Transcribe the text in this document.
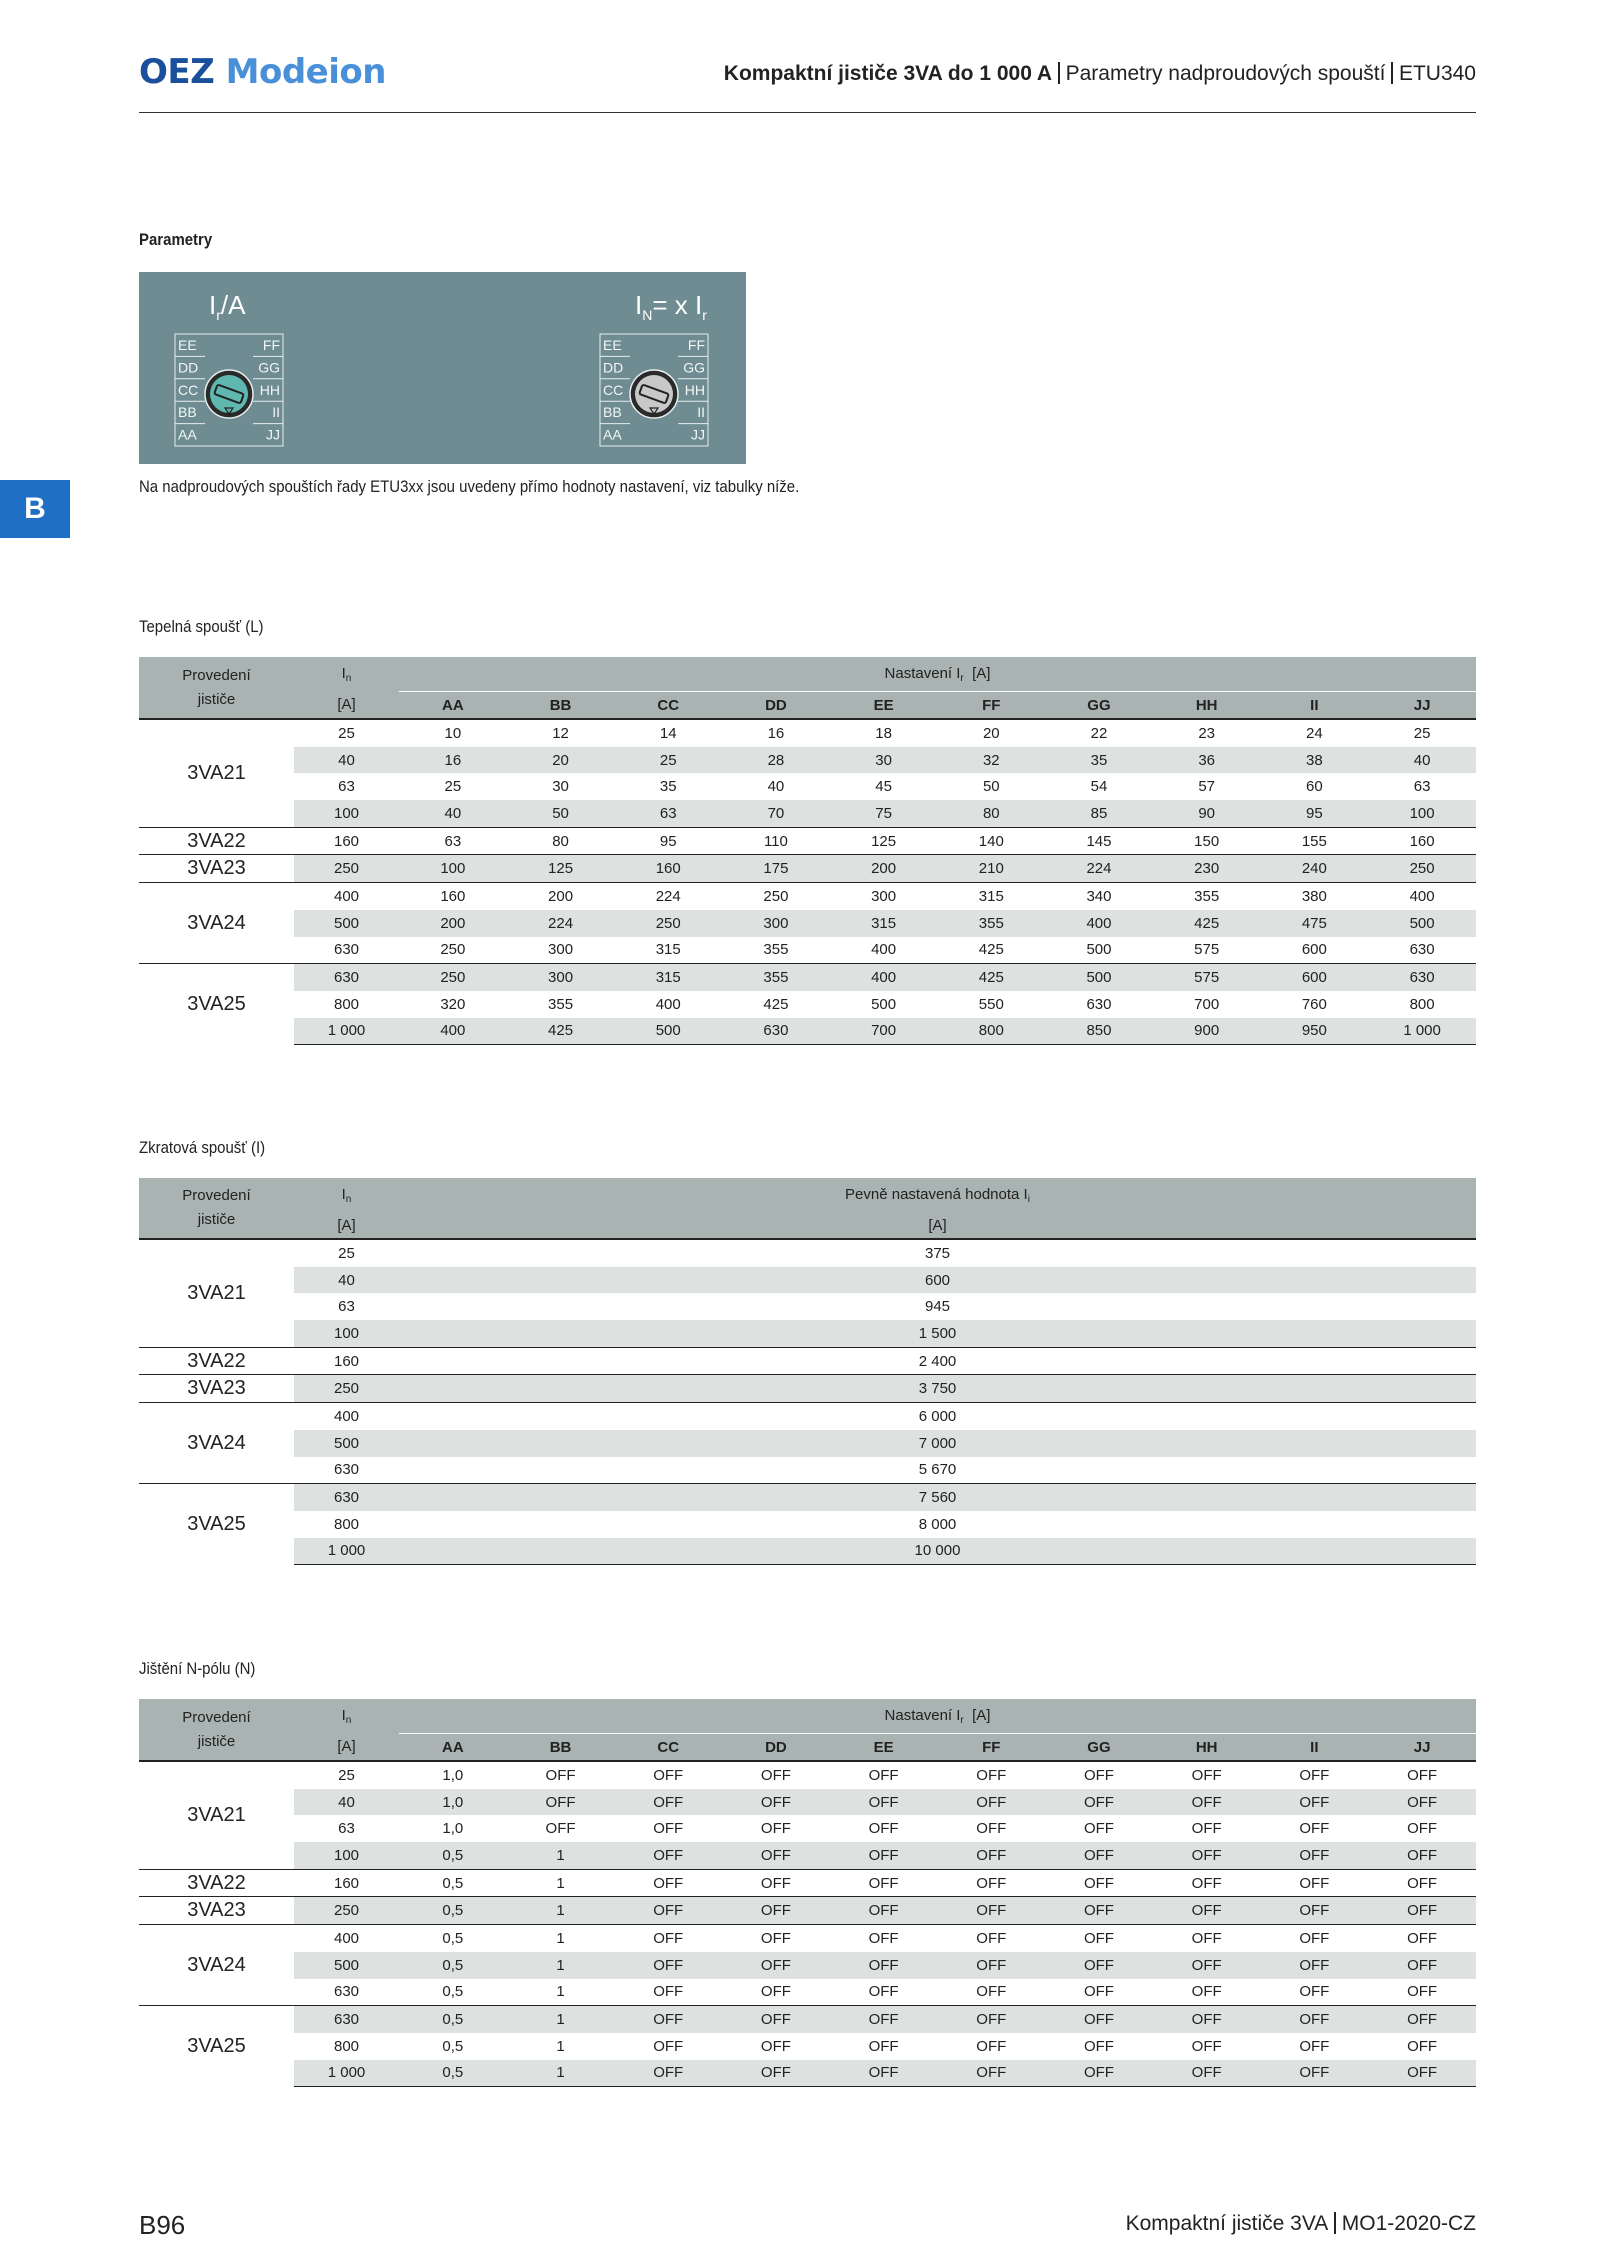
OEZ Modeion	Kompaktní jističe 3VA do 1 000 A Parametry nadproudových spouští ETU340
B
Parametry
$I_r/A$	$I_N= x$ $I_r$
EE
DD
CC
BB
AA
FF
GG
HH
II
JJ
EE
DD
CC
BB
AA
FF
GG
HH
II
JJ
Na nadproudových spouštích řady ETU3xx jsou uvedeny přímo hodnoty nastavení, viz tabulky níže.
Tepelná spoušť (L)
Zkratová spoušť (I)
Jištění N-pólu (N)
Provedení
jističe	$I_n$	Nastavení $I_r$ [A]									
	[A]	AA	BB	CC	DD	EE	FF	GG	HH	II	JJ
3VA21	25	10	12	14	16	18	20	22	23	24	25
	40	16	20	25	28	30	32	35	36	38	40
	63	25	30	35	40	45	50	54	57	60	63
	100	40	50	63	70	75	80	85	90	95	100
3VA22	160	63	80	95	110	125	140	145	150	155	160
3VA23	250	100	125	160	175	200	210	224	230	240	250
3VA24	400	160	200	224	250	300	315	340	355	380	400
	500	200	224	250	300	315	355	400	425	475	500
	630	250	300	315	355	400	425	500	575	600	630
3VA25	630	250	300	315	355	400	425	500	575	600	630
	800	320	355	400	425	500	550	630	700	760	800
	1 000	400	425	500	630	700	800	850	900	950	1 000
Provedení
jističe	$I_n$	Pevně nastavená hodnota $I_i$
	[A]	[A]
3VA21	25	375
	40	600
	63	945
	100	1 500
3VA22	160	2 400
3VA23	250	3 750
3VA24	400	6 000
	500	7 000
	630	5 670
3VA25	630	7 560
	800	8 000
	1 000	10 000
Provedení
jističe	$I_n$	Nastavení $I_r$ [A]									
	[A]	AA	BB	CC	DD	EE	FF	GG	HH	II	JJ
3VA21	25	1,0	OFF	OFF	OFF	OFF	OFF	OFF	OFF	OFF	OFF
	40	1,0	OFF	OFF	OFF	OFF	OFF	OFF	OFF	OFF	OFF
	63	1,0	OFF	OFF	OFF	OFF	OFF	OFF	OFF	OFF	OFF
	100	0,5	1	OFF	OFF	OFF	OFF	OFF	OFF	OFF	OFF
3VA22	160	0,5	1	OFF	OFF	OFF	OFF	OFF	OFF	OFF	OFF
3VA23	250	0,5	1	OFF	OFF	OFF	OFF	OFF	OFF	OFF	OFF
3VA24	400	0,5	1	OFF	OFF	OFF	OFF	OFF	OFF	OFF	OFF
	500	0,5	1	OFF	OFF	OFF	OFF	OFF	OFF	OFF	OFF
	630	0,5	1	OFF	OFF	OFF	OFF	OFF	OFF	OFF	OFF
3VA25	630	0,5	1	OFF	OFF	OFF	OFF	OFF	OFF	OFF	OFF
	800	0,5	1	OFF	OFF	OFF	OFF	OFF	OFF	OFF	OFF
	1 000	0,5	1	OFF	OFF	OFF	OFF	OFF	OFF	OFF	OFF
B96	Kompaktní jističe 3VA MO1-2020-CZ
